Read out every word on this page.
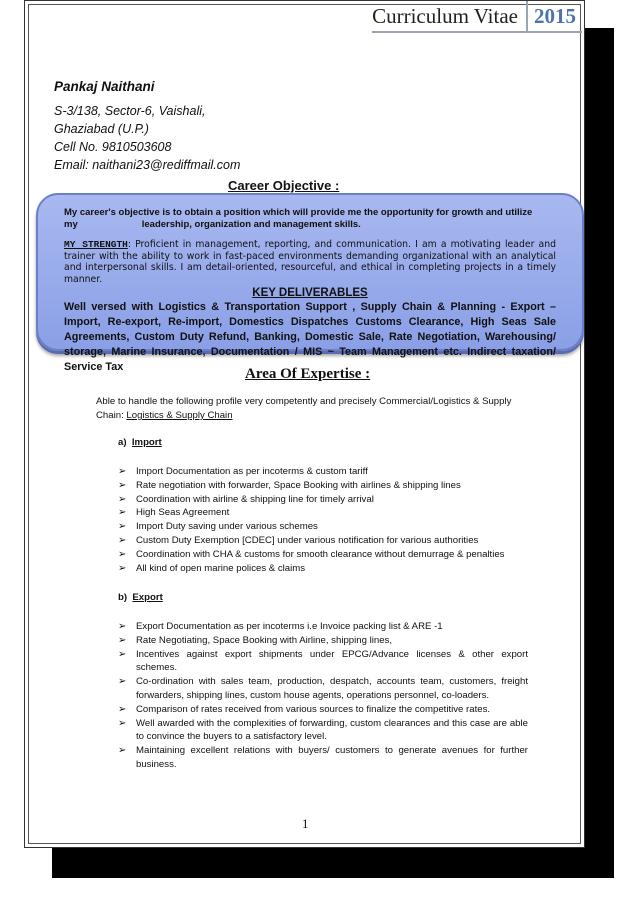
Curriculum Vitae 2015
Pankaj Naithani
S-3/138, Sector-6, Vaishali,
Ghaziabad (U.P.)
Cell No. 9810503608
Email: naithani23@rediffmail.com
Career Objective :
My career's objective is to obtain a position which will provide me the opportunity for growth and utilize
my	leadership, organization and management skills.
MY STRENGTH: Proficient in management, reporting, and communication. I am a motivating leader and trainer with the ability to work in fast-paced environments demanding organizational with an analytical and interpersonal skills. I am detail-oriented, resourceful, and ethical in completing projects in a timely manner.
KEY DELIVERABLES
Well versed with Logistics & Transportation Support , Supply Chain & Planning - Export – Import, Re-export, Re-import, Domestics Dispatches Customs Clearance, High Seas Sale Agreements, Custom Duty Refund, Banking, Domestic Sale, Rate Negotiation, Warehousing/ storage, Marine Insurance, Documentation / MIS ~ Team Management etc. Indirect taxation/ Service Tax	Area Of Expertise :
Able to handle the following profile very competently and precisely Commercial/Logistics & Supply Chain: Logistics & Supply Chain
a) Import
➢ Import Documentation as per incoterms & custom tariff
➢ Rate negotiation with forwarder, Space Booking with airlines & shipping lines
➢ Coordination with airline & shipping line for timely arrival
➢ High Seas Agreement
➢ Import Duty saving under various schemes
➢ Custom Duty Exemption [CDEC] under various notification for various authorities
➢ Coordination with CHA & customs for smooth clearance without demurrage & penalties
➢ All kind of open marine polices & claims
b) Export
➢ Export Documentation as per incoterms i.e Invoice packing list & ARE -1
➢ Rate Negotiating, Space Booking with Airline, shipping lines,
➢ Incentives against export shipments under EPCG/Advance licenses & other export schemes.
➢ Co-ordination with sales team, production, despatch, accounts team, customers, freight forwarders, shipping lines, custom house agents, operations personnel, co-loaders.
➢ Comparison of rates received from various sources to finalize the competitive rates.
➢ Well awarded with the complexities of forwarding, custom clearances and this case are able to convince the buyers to a satisfactory level.
➢ Maintaining excellent relations with buyers/ customers to generate avenues for further business.
1
